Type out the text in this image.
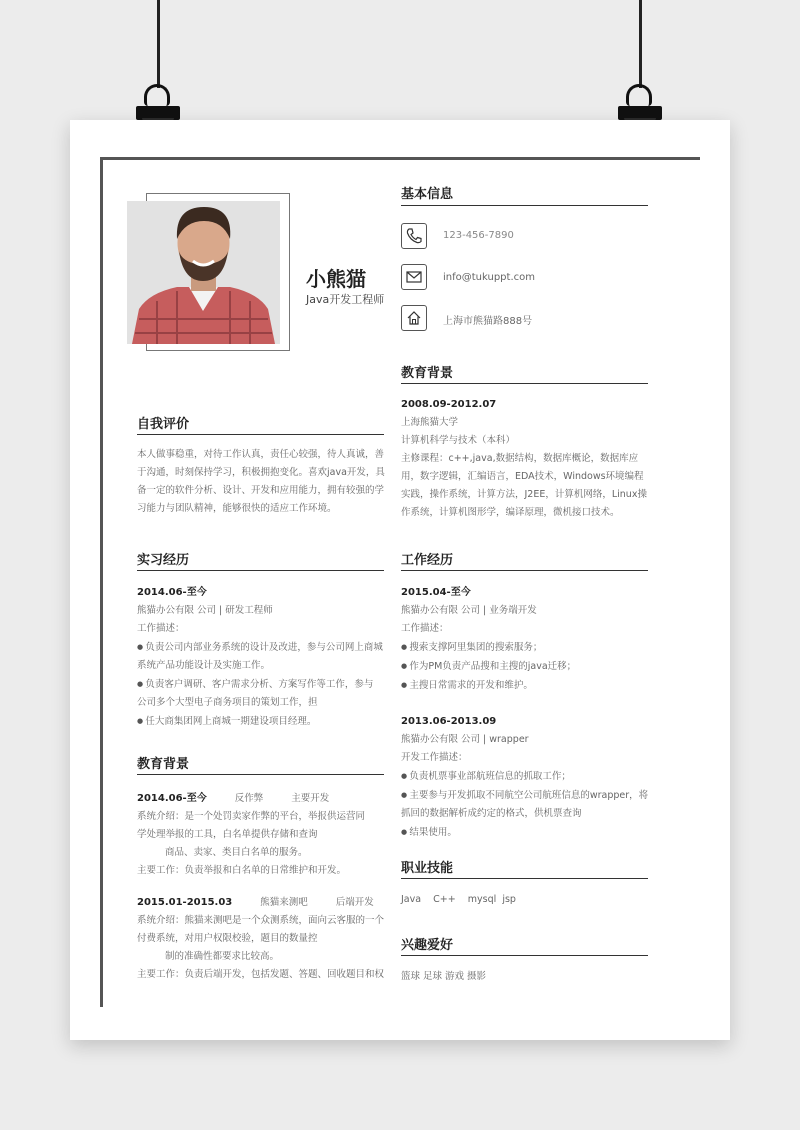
小熊猫
Java开发工程师
基本信息
123-456-7890
info@tukuppt.com
上海市熊猫路888号
自我评价
本人做事稳重，对待工作认真，责任心较强，待人真诚，善
于沟通，时刻保持学习，积极拥抱变化。喜欢java开发，具
备一定的软件分析、设计、开发和应用能力，拥有较强的学
习能力与团队精神，能够很快的适应工作环境。
实习经历
2014.06-至今
熊猫办公有限 公司 | 研发工程师
工作描述：
● 负责公司内部业务系统的设计及改进，参与公司网上商城
系统产品功能设计及实施工作。
● 负责客户调研、客户需求分析、方案写作等工作，参与
公司多个大型电子商务项目的策划工作，担
● 任大商集团网上商城一期建设项目经理。
教育背景
2014.06-至今	反作弊	主要开发
系统介绍：是一个处罚卖家作弊的平台，举报供运营同
学处理举报的工具，白名单提供存储和查询
商品、卖家、类目白名单的服务。
主要工作：负责举报和白名单的日常维护和开发。
2015.01-2015.03	熊猫来测吧	后端开发
系统介绍：熊猫来测吧是一个众测系统，面向云客服的一个
付费系统，对用户权限校验，题目的数量控
制的准确性都要求比较高。
主要工作：负责后端开发，包括发题、答题、回收题目和权
教育背景
2008.09-2012.07
上海熊猫大学
计算机科学与技术（本科）
主修课程：c++,java,数据结构，数据库概论，数据库应
用，数字逻辑，汇编语言，EDA技术，Windows环境编程
实践，操作系统，计算方法，J2EE，计算机网络，Linux操
作系统，计算机图形学，编译原理，微机接口技术。
工作经历
2015.04-至今
熊猫办公有限 公司 | 业务端开发
工作描述：
● 搜索支撑阿里集团的搜索服务；
● 作为PM负责产品搜和主搜的java迁移；
● 主搜日常需求的开发和维护。
2013.06-2013.09
熊猫办公有限 公司 | wrapper
开发工作描述：
● 负责机票事业部航班信息的抓取工作；
● 主要参与开发抓取不同航空公司航班信息的wrapper，将
抓回的数据解析成约定的格式，供机票查询
● 结果使用。
职业技能
Java    C++    mysql  jsp
兴趣爱好
篮球 足球 游戏 摄影
